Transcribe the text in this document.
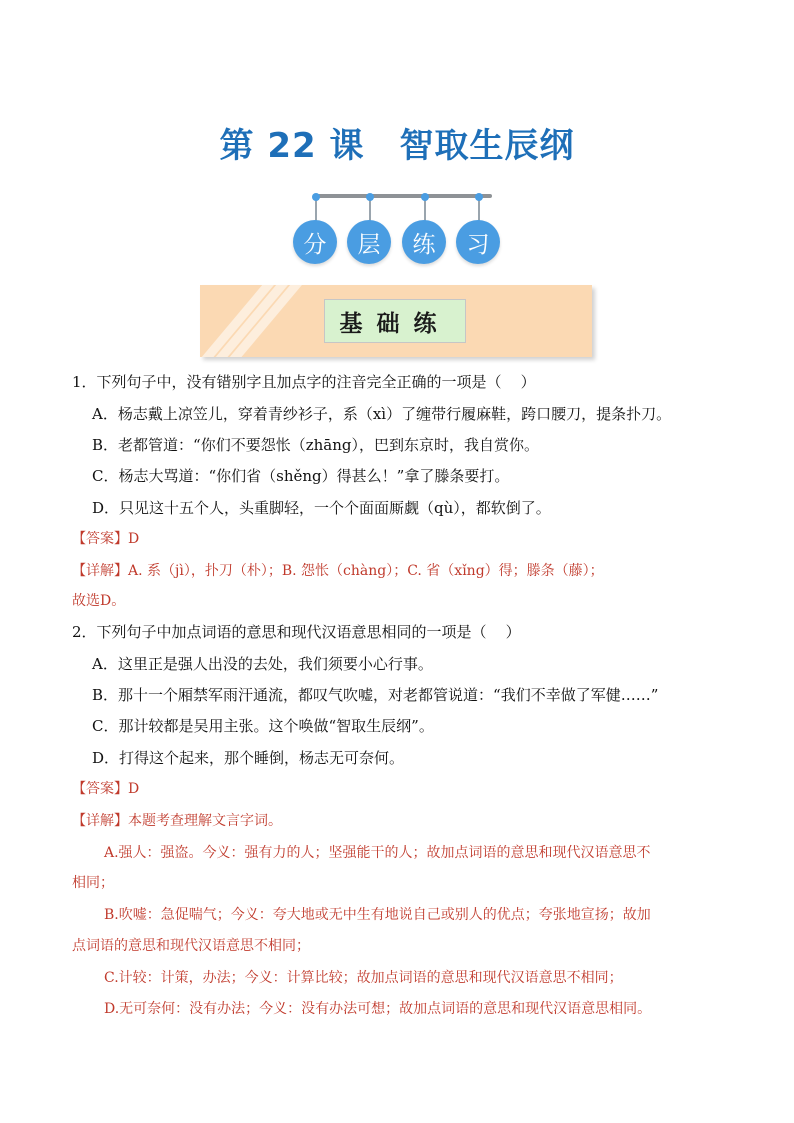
第 22 课　智取生辰纲
分	层	练	习
基础练
1．下列句子中，没有错别字且加点字的注音完全正确的一项是（    ）
A．杨志戴上凉笠儿，穿着青纱衫子，系（xì）了缠带行履麻鞋，跨口腰刀，提条扑刀。
B．老都管道：“你们不要怨怅（zhāng），巴到东京时，我自赏你。
C．杨志大骂道：“你们省（shěng）得甚么！”拿了滕条要打。
D．只见这十五个人，头重脚轻，一个个面面厮觑（qù），都软倒了。
【答案】D
【详解】A. 系（jì），扑刀（朴）；B. 怨怅（chàng）；C. 省（xǐng）得；滕条（藤）；
故选D。
2．下列句子中加点词语的意思和现代汉语意思相同的一项是（    ）
A．这里正是强人出没的去处，我们须要小心行事。
B．那十一个厢禁军雨汗通流，都叹气吹嘘，对老都管说道：“我们不幸做了军健……”
C．那计较都是吴用主张。这个唤做“智取生辰纲”。
D．打得这个起来，那个睡倒，杨志无可奈何。
【答案】D
【详解】本题考查理解文言字词。
A.强人：强盗。今义：强有力的人；坚强能干的人；故加点词语的意思和现代汉语意思不
相同；
B.吹嘘：急促喘气；今义：夸大地或无中生有地说自己或别人的优点；夸张地宣扬；故加
点词语的意思和现代汉语意思不相同；
C.计较：计策，办法；今义：计算比较；故加点词语的意思和现代汉语意思不相同；
D.无可奈何：没有办法；今义：没有办法可想；故加点词语的意思和现代汉语意思相同。
